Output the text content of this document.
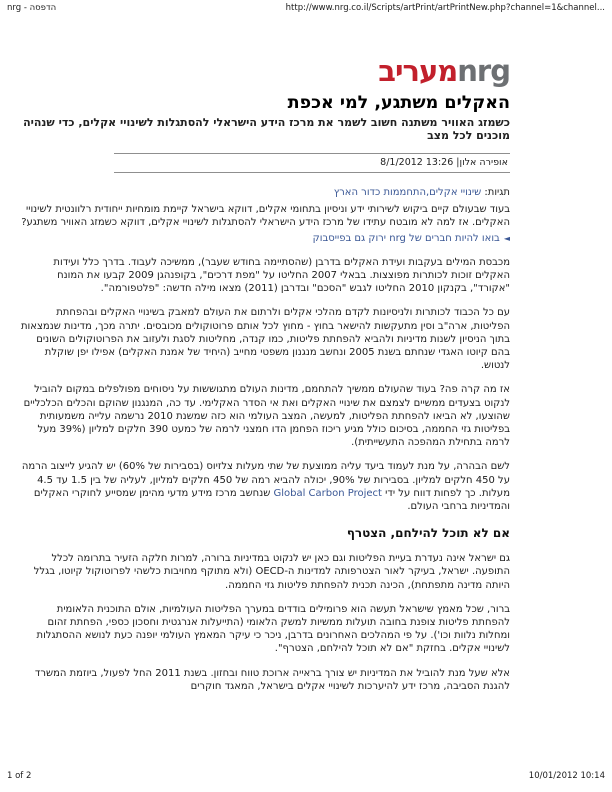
nrg - הדפסה	http://www.nrg.co.il/Scripts/artPrint/artPrintNew.php?channel=1&channel...
מעריבnrg
האקלים משתגע, למי אכפת
כשמזג האוויר משתנה חשוב לשמר את מרכז הידע הישראלי להסתגלות לשינויי אקלים, כדי שנהיה מוכנים לכל מצב
אופירה אלון| 13:26 8/1/2012
תגיות: שינויי אקלים,התחממות כדור הארץ

בעוד שבעולם קיים ביקוש לשירותי ידע וניסיון בתחומי אקלים, דווקא בישראל קיימת מומחיות ייחודית רלוונטית לשינויי האקלים. אז למה לא מובטח עתידו של מרכז הידע הישראלי להסתגלות לשינויי אקלים, דווקא כשמזג האוויר משתגע?

◄בואו להיות חברים של nrg ירוק גם בפייסבוק

מכבסת המילים בעקבות ועידת האקלים בדרבן (שהסתיימה בחודש שעבר), ממשיכה לעבוד. בדרך כלל ועידות האקלים זוכות לכותרות מפוצצות. בבאלי 2007 החליטו על "מפת דרכים", בקופנהגן 2009 קבעו את המונח "אקורד", בקנקון 2010 החליטו לגבש "הסכם" ובדרבן (2011) מצאו מילה חדשה: "פלטפורמה".

עם כל הכבוד לכותרות ולניסיונות לקדם מהלכי אקלים ולרתום את העולם למאבק בשינויי האקלים ובהפחתת הפליטות, ארה"ב וסין מתעקשות להישאר בחוץ - מחוץ לכל אותם פרוטוקולים מכובסים. יתרה מכך, מדינות שנמצאות בתוך הניסיון לשנות מדיניות ולהביא להפחתת פליטות, כמו קנדה, מחליטות לסגת ולעזוב את הפרוטוקולים השונים בהם קיוטו האגדי שנחתם בשנת 2005 ונחשב מנגנון משפטי מחייב (היחיד של אמנת האקלים) אפילו יפן שוקלת לנטוש.

אז מה קרה פה? בעוד שהעולם ממשיך להתחמם, מדינות העולם מתגוששות על ניסוחים מפולפלים במקום להוביל לנקוט בצעדים ממשיים לצמצם את שינויי האקלים ואת אי הסדר האקלימי. עד כה, המנגנון שהוקם והכלים הכלכליים שהוצעו, לא הביאו להפחתת הפליטות, למעשה, המצב העולמי הוא כזה שמשנת 2010 נרשמה עלייה משמעותית בפליטות גזי החממה, בסיכום כולל מגיע ריכוז הפחמן הדו חמצני לרמה של כמעט 390 חלקים למליון (39% מעל לרמה בתחילת המהפכה התעשייתית).

לשם הבהרה, על מנת לעמוד ביעד עליה ממוצעת של שתי מעלות צלזיוס (בסבירות של 60%) יש להגיע לייצוב הרמה על 450 חלקים למליון. בסבירות של 90%, יכולה להביא רמה של 450 חלקים למליון, לעליה של בין 1.5 עד 4.5 מעלות. כך לפחות דווח על ידי Global Carbon Project שנחשב מרכז מידע מדעי מהימן שמסייע לחוקרי האקלים והמדיניות ברחבי העולם.

אם לא תוכל להילחם, הצטרף

גם ישראל אינה נעדרת בעיית הפליטות וגם כאן יש לנקוט במדיניות ברורה, למרות חלקה הזעיר בתרומה לכלל התופעה. ישראל, בעיקר לאור הצטרפותה למדינות ה-OECD (ולא מתוקף מחויבות כלשהי לפרוטוקול קיוטו, בגלל היותה מדינה מתפתחת), הכינה תכנית להפחתת פליטות גזי החממה.

ברור, שכל מאמץ שישראל תעשה הוא פרומילים בודדים במערך הפליטות העולמיות, אולם התוכנית הלאומית להפחתת פליטות צופנת בחובה תועלות ממשיות למשק הלאומי (התייעלות אנרגטית וחסכון כספי, הפחתת זהום ומחלות נלוות וכו'). על פי המהלכים האחרונים בדרבן, ניכר כי עיקר המאמץ העולמי יופנה כעת לנושא ההסתגלות לשינויי אקלים. בחזקת "אם לא תוכל להילחם, הצטרף".

אלא שעל מנת להוביל את המדיניות יש צורך בראייה ארוכת טווח ובחזון. בשנת 2011 החל לפעול, ביוזמת המשרד להגנת הסביבה, מרכז ידע להיערכות לשינויי אקלים בישראל, המאגד חוקרים

1 of 2	10/01/2012 10:14
